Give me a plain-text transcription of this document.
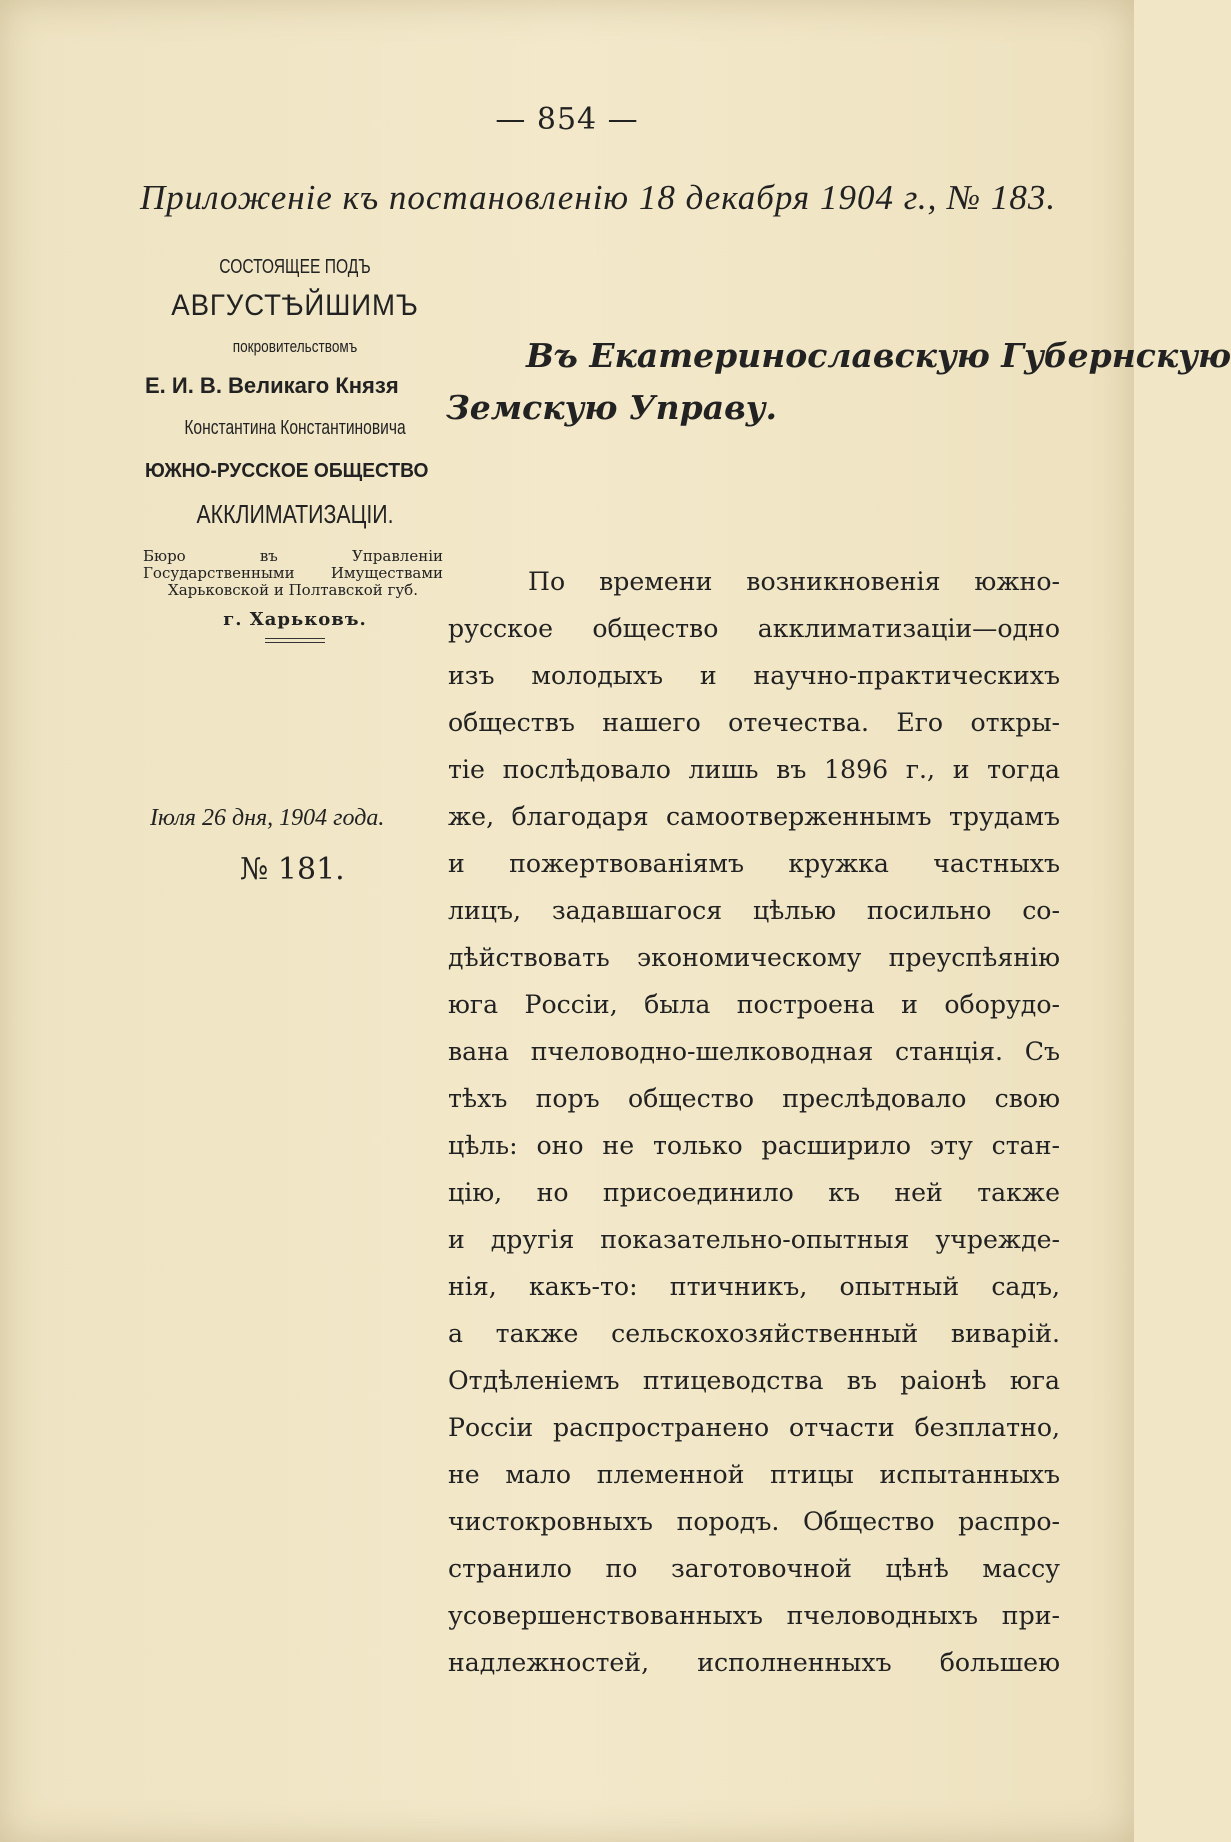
— 854 —
Приложеніе къ постановленію 18 декабря 1904 г., № 183.
СОСТОЯЩЕЕ ПОДЪ
АВГУСТѢЙШИМЪ
покровительствомъ
Е. И. В. Великаго Князя
Константина Константиновича
ЮЖНО-РУССКОЕ ОБЩЕСТВО
АККЛИМАТИЗАЦІИ.
Бюро въ Управленіи Государственными Имуществами Харьковской и Полтавской губ.
г. Харьковъ.
Іюля 26 дня, 1904 года.
№ 181.
Въ Екатеринославскую Губернскую
Земскую Управу.
По времени возникновенія южно-
русское общество акклиматизаціи—одно
изъ молодыхъ и научно-практическихъ
обществъ нашего отечества. Его откры-
тіе послѣдовало лишь въ 1896 г., и тогда
же, благодаря самоотверженнымъ трудамъ
и пожертвованіямъ кружка частныхъ
лицъ, задавшагося цѣлью посильно со-
дѣйствовать экономическому преуспѣянію
юга Россіи, была построена и оборудо-
вана пчеловодно-шелководная станція. Съ
тѣхъ поръ общество преслѣдовало свою
цѣль: оно не только расширило эту стан-
цію, но присоединило къ ней также
и другія показательно-опытныя учрежде-
нія, какъ-то: птичникъ, опытный садъ,
а также сельскохозяйственный виварій.
Отдѣленіемъ птицеводства въ раіонѣ юга
Россіи распространено отчасти безплатно,
не мало племенной птицы испытанныхъ
чистокровныхъ породъ. Общество распро-
странило по заготовочной цѣнѣ массу
усовершенствованныхъ пчеловодныхъ при-
надлежностей, исполненныхъ большею
